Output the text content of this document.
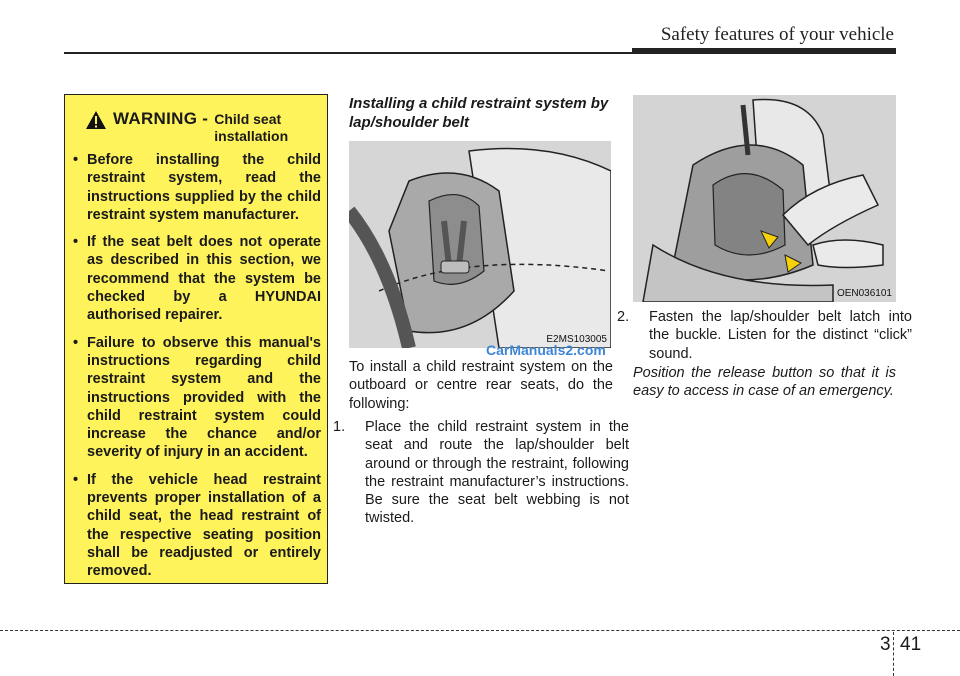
Safety features of your vehicle
WARNING - Child seat installation
• Before installing the child restraint system, read the instructions supplied by the child restraint system manufacturer.
• If the seat belt does not operate as described in this section, we recommend that the system be checked by a HYUNDAI authorised repairer.
• Failure to observe this manual's instructions regarding child restraint system and the instructions provided with the child restraint system could increase the chance and/or severity of injury in an accident.
• If the vehicle head restraint prevents proper installation of a child seat, the head restraint of the respective seating position shall be readjusted or entirely removed.
Installing a child restraint system by lap/shoulder belt
E2MS103005
CarManuals2.com
To install a child restraint system on the outboard or centre rear seats, do the following:
1. Place the child restraint system in the seat and route the lap/shoulder belt around or through the restraint, following the restraint manufacturer’s instructions. Be sure the seat belt webbing is not twisted.
OEN036101
2. Fasten the lap/shoulder belt latch into the buckle. Listen for the distinct “click” sound.
Position the release button so that it is easy to access in case of an emergency.
3 41
